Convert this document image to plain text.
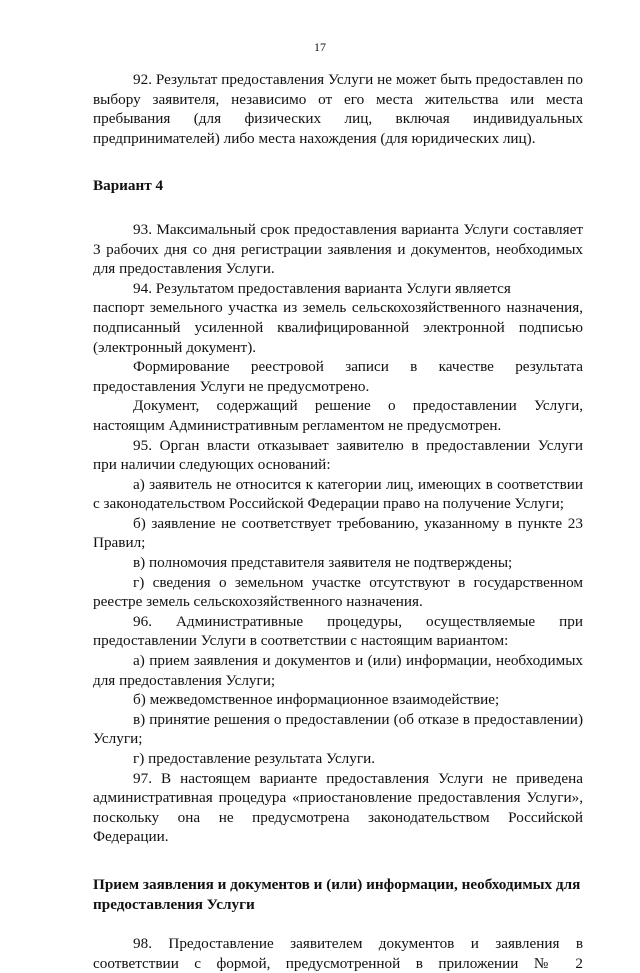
17

92. Результат предоставления Услуги не может быть предоставлен по выбору заявителя, независимо от его места жительства или места пребывания (для физических лиц, включая индивидуальных предпринимателей) либо места нахождения (для юридических лиц).

Вариант 4

93. Максимальный срок предоставления варианта Услуги составляет 3 рабочих дня со дня регистрации заявления и документов, необходимых для предоставления Услуги.

94. Результатом предоставления варианта Услуги является

паспорт земельного участка из земель сельскохозяйственного назначения, подписанный усиленной квалифицированной электронной подписью (электронный документ).

Формирование реестровой записи в качестве результата предоставления Услуги не предусмотрено.

Документ, содержащий решение о предоставлении Услуги, настоящим Административным регламентом не предусмотрен.

95. Орган власти отказывает заявителю в предоставлении Услуги при наличии следующих оснований:

а) заявитель не относится к категории лиц, имеющих в соответствии с законодательством Российской Федерации право на получение Услуги;

б) заявление не соответствует требованию, указанному в пункте 23 Правил;

в) полномочия представителя заявителя не подтверждены;

г) сведения о земельном участке отсутствуют в государственном реестре земель сельскохозяйственного назначения.

96. Административные процедуры, осуществляемые при предоставлении Услуги в соответствии с настоящим вариантом:

а) прием заявления и документов и (или) информации, необходимых для предоставления Услуги;

б) межведомственное информационное взаимодействие;

в) принятие решения о предоставлении (об отказе в предоставлении) Услуги;

г) предоставление результата Услуги.

97. В настоящем варианте предоставления Услуги не приведена административная процедура «приостановление предоставления Услуги», поскольку она не предусмотрена законодательством Российской Федерации.

Прием заявления и документов и (или) информации, необходимых для

предоставления Услуги

98. Предоставление заявителем документов и заявления в соответствии с формой, предусмотренной в приложении № 2
